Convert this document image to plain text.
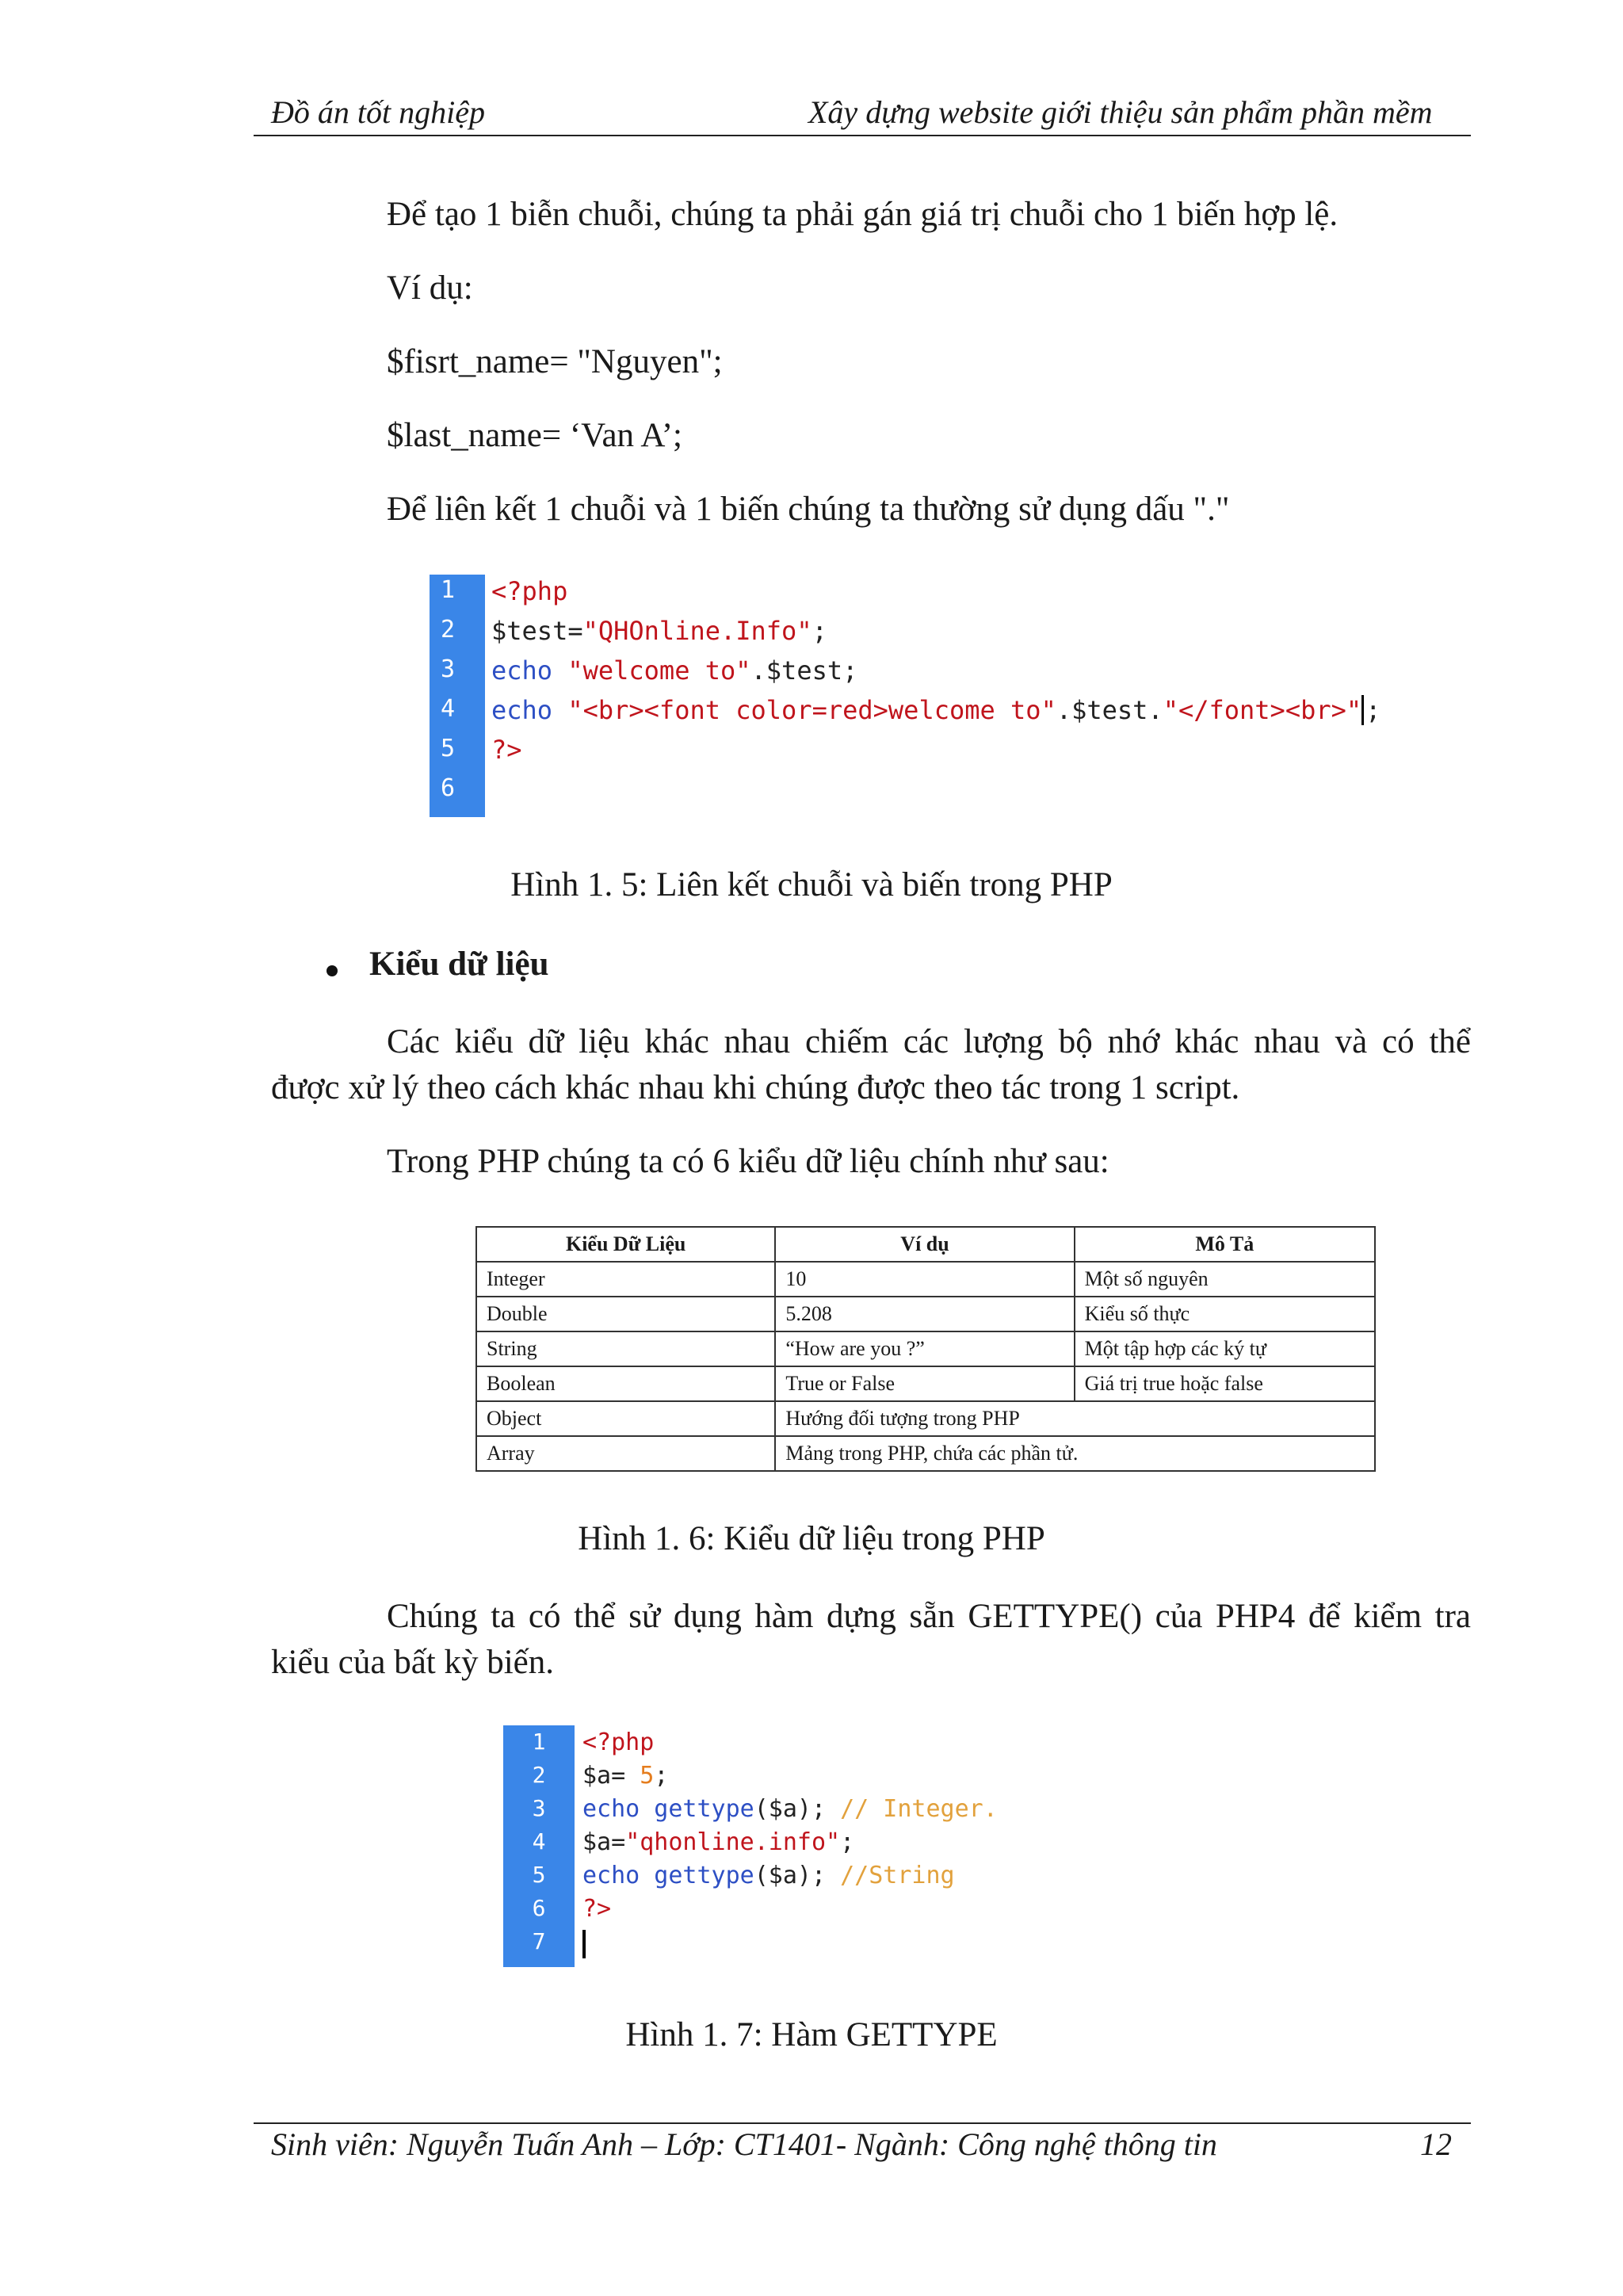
Đồ án tốt nghiệp	Xây dựng website giới thiệu sản phẩm phần mềm

Để tạo 1 biễn chuỗi, chúng ta phải gán giá trị chuỗi cho 1 biến hợp lệ.

Ví dụ:

$fisrt_name= "Nguyen";

$last_name= ‘Van A’;

Để liên kết 1 chuỗi và 1 biến chúng ta thường sử dụng dấu "."

1
2
3
4
5
6
<?php
$test="QHOnline.Info";
echo "welcome to".$test;
echo "<br><font color=red>welcome to".$test."</font><br>" ;
?>
Hình 1. 5: Liên kết chuỗi và biến trong PHP
Kiểu dữ liệu

Các kiểu dữ liệu khác nhau chiếm các lượng bộ nhớ khác nhau và có thể

được xử lý theo cách khác nhau khi chúng được theo tác trong 1 script.

Trong PHP chúng ta có 6 kiểu dữ liệu chính như sau:

Kiểu Dữ Liệu	Ví dụ	Mô Tả
Integer	10	Một số nguyên
Double	5.208	Kiểu số thực
String	“How are you ?”	Một tập hợp các ký tự
Boolean	True or False	Giá trị true hoặc false
Object	Hướng đối tượng trong PHP	
Array	Mảng trong PHP, chứa các phần tử.	
Hình 1. 6: Kiểu dữ liệu trong PHP

Chúng ta có thể sử dụng hàm dựng sẵn GETTYPE() của PHP4 để kiểm tra

kiểu của bất kỳ biến.

1
2
3
4
5
6
7
<?php
$a= 5;
echo gettype($a); // Integer.
$a="qhonline.info";
echo gettype($a); //String
?>
Hình 1. 7: Hàm GETTYPE
Sinh viên: Nguyễn Tuấn Anh – Lớp: CT1401- Ngành: Công nghệ thông tin	12
